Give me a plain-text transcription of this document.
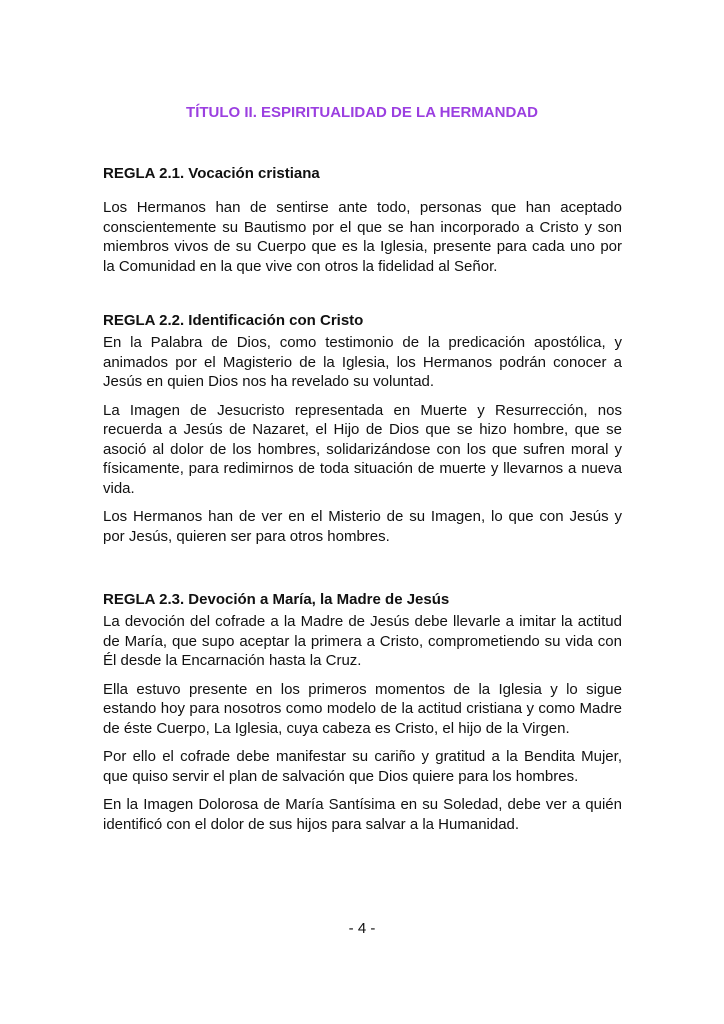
TÍTULO II. ESPIRITUALIDAD DE LA HERMANDAD

REGLA 2.1. Vocación cristiana

Los Hermanos han de sentirse ante todo, personas que han aceptado conscientemente su Bautismo por el que se han incorporado a Cristo y son miembros vivos de su Cuerpo que es la Iglesia, presente para cada uno por la Comunidad en la que vive con otros la fidelidad al Señor.

REGLA 2.2. Identificación con Cristo

En la Palabra de Dios, como testimonio de la predicación apostólica, y animados por el Magisterio de la Iglesia, los Hermanos podrán conocer a Jesús en quien Dios nos ha revelado su voluntad.

La Imagen de Jesucristo representada en Muerte y Resurrección, nos recuerda a Jesús de Nazaret, el Hijo de Dios que se hizo hombre, que se asoció al dolor de los hombres, solidarizándose con los que sufren moral y físicamente, para redimirnos de toda situación de muerte y llevarnos a nueva vida.

Los Hermanos han de ver en el Misterio de su Imagen, lo que con Jesús y por Jesús, quieren ser para otros hombres.

REGLA 2.3. Devoción a María, la Madre de Jesús

La devoción del cofrade a la Madre de Jesús debe llevarle a imitar la actitud de María, que supo aceptar la primera a Cristo, comprometiendo su vida con Él desde la Encarnación hasta la Cruz.

Ella estuvo presente en los primeros momentos de la Iglesia y lo sigue estando hoy para nosotros como modelo de la actitud cristiana y como Madre de éste Cuerpo, La Iglesia, cuya cabeza es Cristo, el hijo de la Virgen.

Por ello el cofrade debe manifestar su cariño y gratitud a la Bendita Mujer, que quiso servir el plan de salvación que Dios quiere para los hombres.

En la Imagen Dolorosa de María Santísima en su Soledad, debe ver a quién identificó con el dolor de sus hijos para salvar a la Humanidad.

- 4 -
